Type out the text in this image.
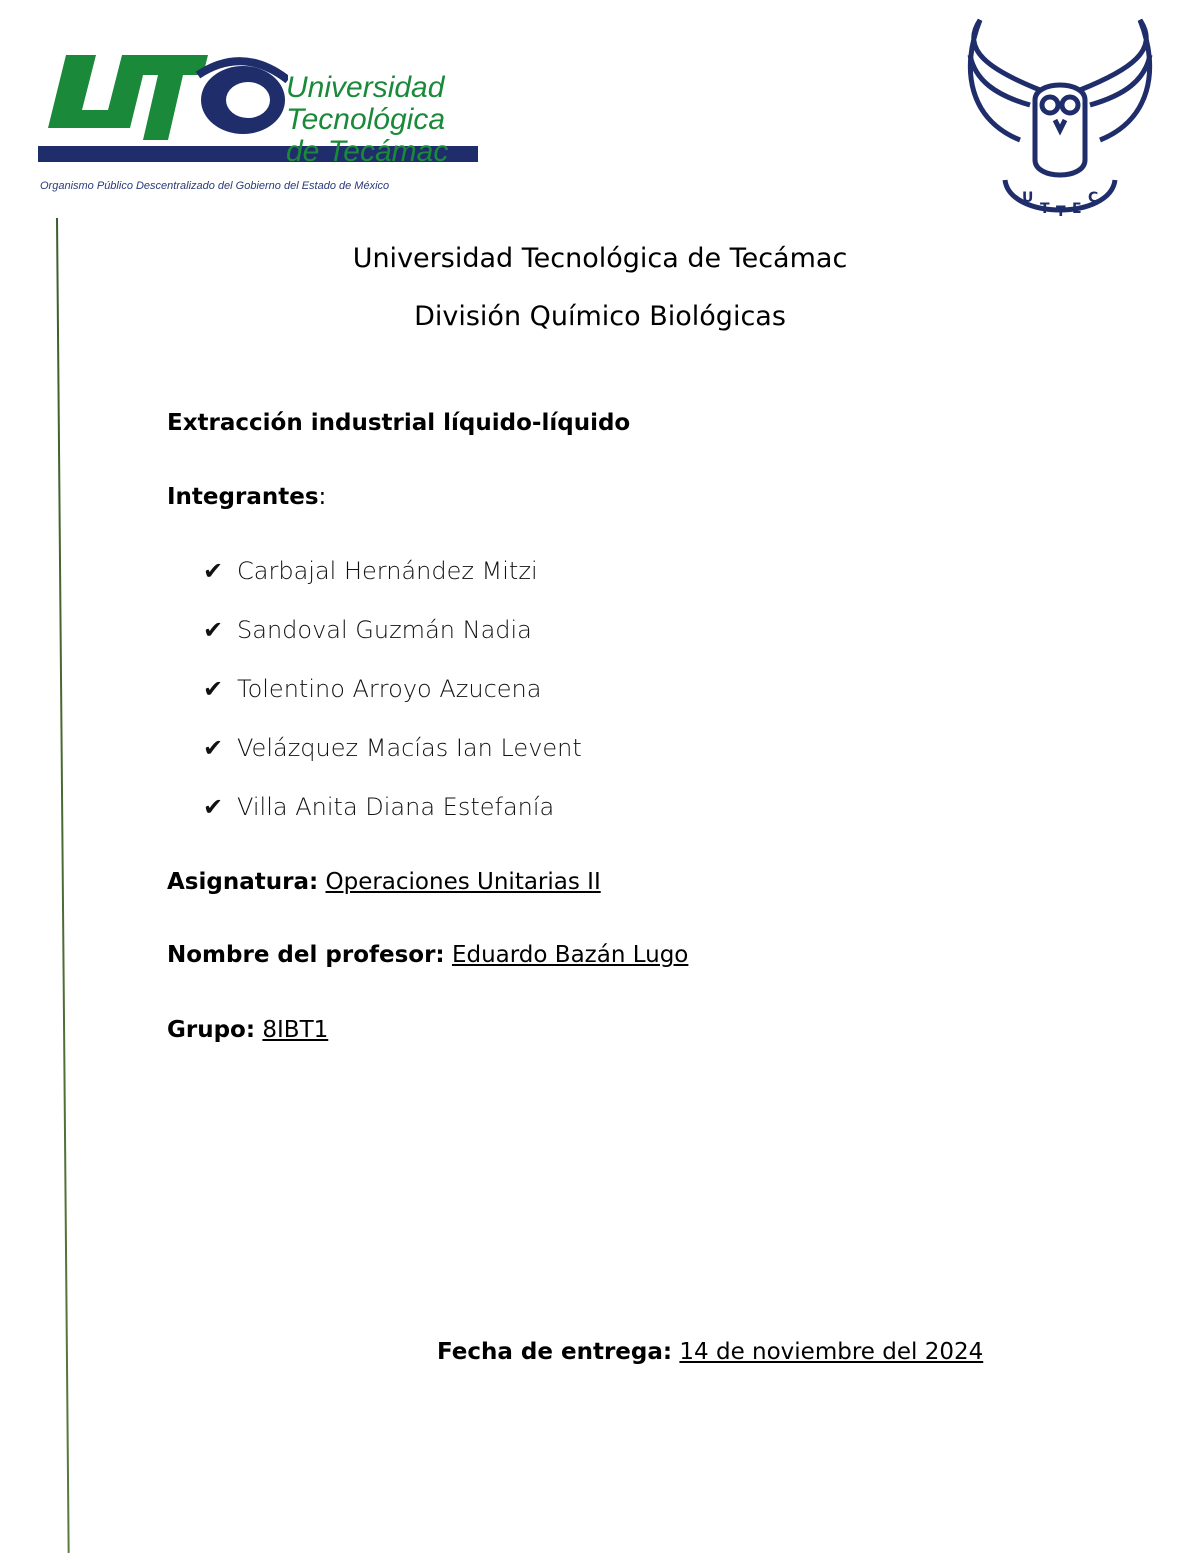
Universidad
Tecnológica
de Tecámac
Organismo Público Descentralizado del Gobierno del Estado de México
U
T T E
C
Universidad Tecnológica de Tecámac
División Químico Biológicas
Extracción industrial líquido-líquido
Integrantes:
✔ Carbajal Hernández Mitzi
✔ Sandoval Guzmán Nadia
✔ Tolentino Arroyo Azucena
✔ Velázquez Macías Ian Levent
✔ Villa Anita Diana Estefanía
Asignatura: Operaciones Unitarias II
Nombre del profesor: Eduardo Bazán Lugo
Grupo: 8IBT1
Fecha de entrega: 14 de noviembre del 2024
